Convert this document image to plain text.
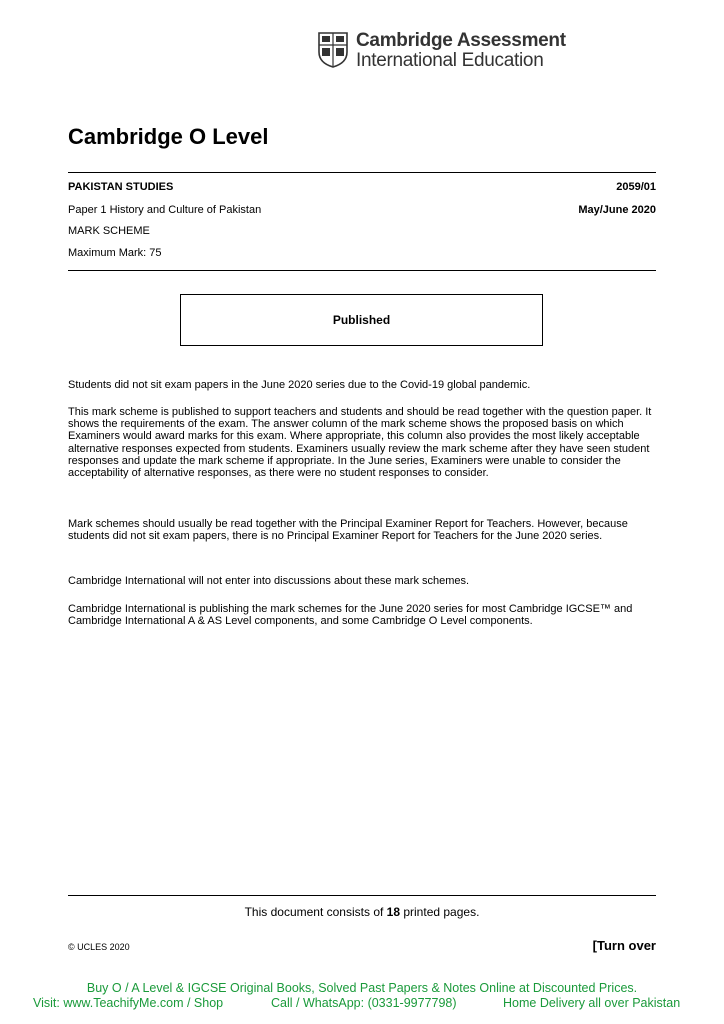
Cambridge Assessment
International Education
Cambridge O Level
PAKISTAN STUDIES	2059/01
Paper 1 History and Culture of Pakistan	May/June 2020
MARK SCHEME
Maximum Mark: 75
Published
Students did not sit exam papers in the June 2020 series due to the Covid-19 global pandemic.
This mark scheme is published to support teachers and students and should be read together with the question paper. It shows the requirements of the exam. The answer column of the mark scheme shows the proposed basis on which Examiners would award marks for this exam. Where appropriate, this column also provides the most likely acceptable alternative responses expected from students. Examiners usually review the mark scheme after they have seen student responses and update the mark scheme if appropriate. In the June series, Examiners were unable to consider the acceptability of alternative responses, as there were no student responses to consider.
Mark schemes should usually be read together with the Principal Examiner Report for Teachers. However, because students did not sit exam papers, there is no Principal Examiner Report for Teachers for the June 2020 series.
Cambridge International will not enter into discussions about these mark schemes.
Cambridge International is publishing the mark schemes for the June 2020 series for most Cambridge IGCSE™ and Cambridge International A & AS Level components, and some Cambridge O Level components.
This document consists of 18 printed pages.
© UCLES 2020	[Turn over
Buy O / A Level & IGCSE Original Books, Solved Past Papers & Notes Online at Discounted Prices.
Visit: www.TeachifyMe.com / Shop	Call / WhatsApp: (0331-9977798)	Home Delivery all over Pakistan
